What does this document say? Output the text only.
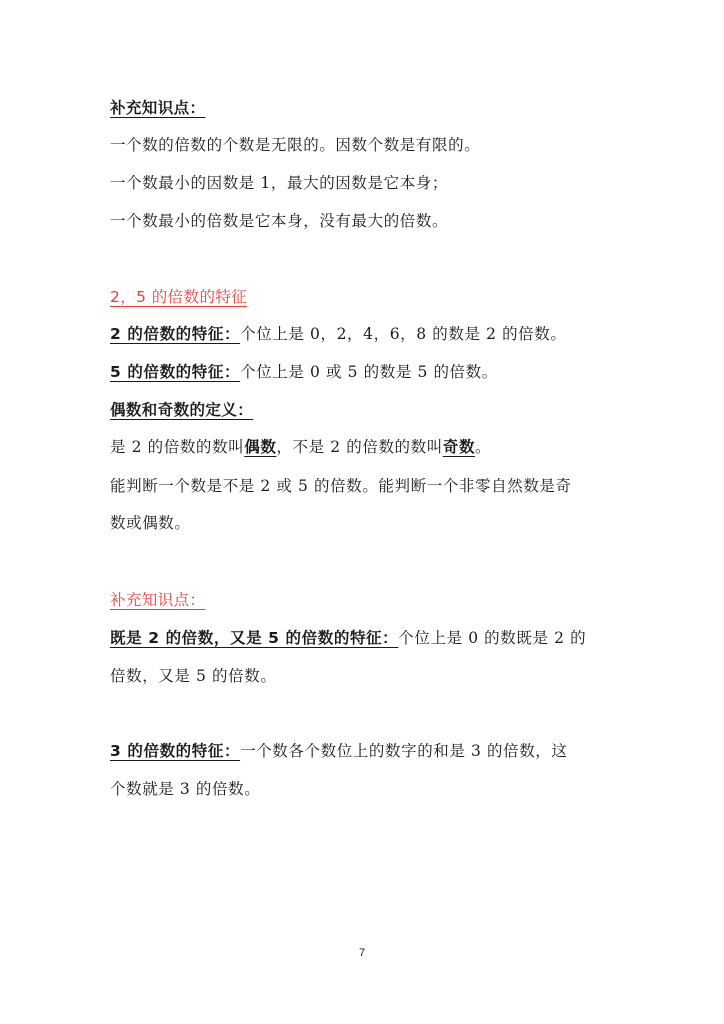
补充知识点：
一个数的倍数的个数是无限的。因数个数是有限的。
一个数最小的因数是 1，最大的因数是它本身；
一个数最小的倍数是它本身，没有最大的倍数。
2，5 的倍数的特征
2 的倍数的特征：个位上是 0，2，4，6，8 的数是 2 的倍数。
5 的倍数的特征：个位上是 0 或 5 的数是 5 的倍数。
偶数和奇数的定义：
是 2 的倍数的数叫偶数，不是 2 的倍数的数叫奇数。
能判断一个数是不是 2 或 5 的倍数。能判断一个非零自然数是奇
数或偶数。
补充知识点：
既是 2 的倍数，又是 5 的倍数的特征：个位上是 0 的数既是 2 的
倍数，又是 5 的倍数。
3 的倍数的特征：一个数各个数位上的数字的和是 3 的倍数，这
个数就是 3 的倍数。
7
